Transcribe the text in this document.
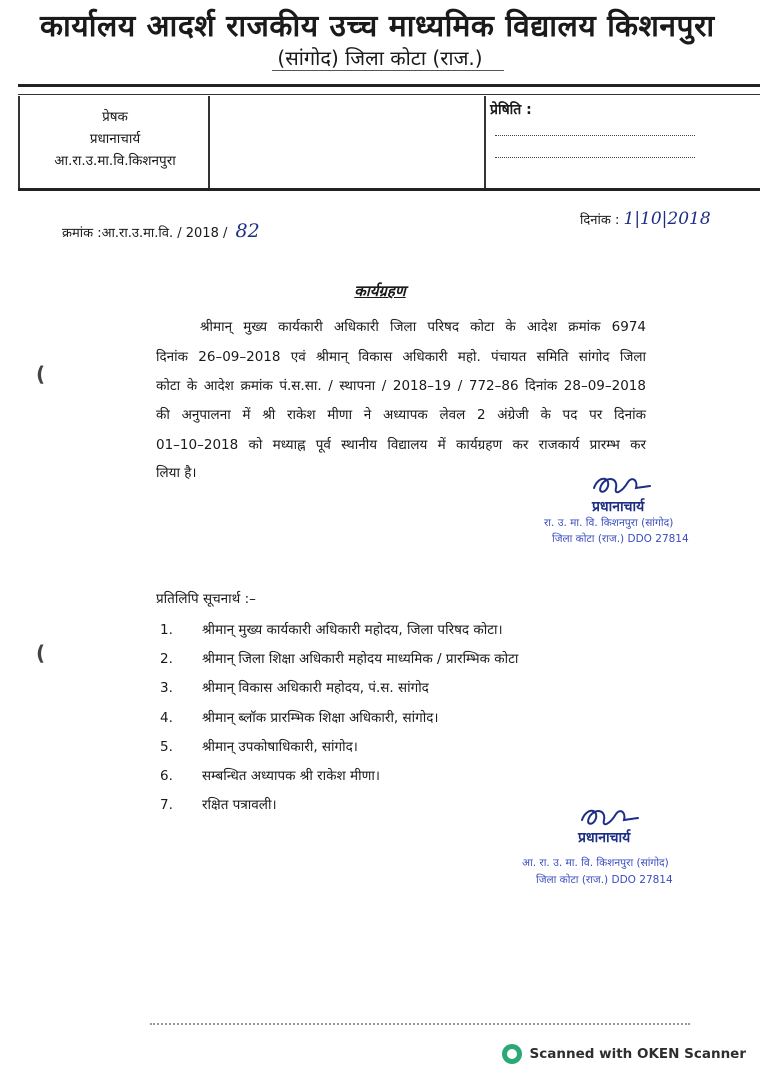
कार्यालय आदर्श राजकीय उच्च माध्यमिक विद्यालय किशनपुरा
(सांगोद) जिला कोटा (राज.)
प्रेषक
प्रधानाचार्य
आ.रा.उ.मा.वि.किशनपुरा
प्रेषिति :
क्रमांक :आ.रा.उ.मा.वि. / 2018 / 82	दिनांक : 1|10|2018
कार्यग्रहण
श्रीमान् मुख्य कार्यकारी अधिकारी जिला परिषद कोटा के आदेश क्रमांक 6974
दिनांक 26–09–2018 एवं श्रीमान् विकास अधिकारी महो. पंचायत समिति सांगोद जिला
कोटा के आदेश क्रमांक पं.स.सा. / स्थापना / 2018–19 / 772–86 दिनांक 28–09–2018
की अनुपालना में श्री राकेश मीणा ने अध्यापक लेवल 2 अंग्रेजी के पद पर दिनांक
01–10–2018 को मध्याह्न पूर्व स्थानीय विद्यालय में कार्यग्रहण कर राजकार्य प्रारम्भ कर
लिया है।
(
(
प्रधानाचार्य
रा. उ. मा. वि. किशनपुरा (सांगोद)
जिला कोटा (राज.) DDO 27814
प्रतिलिपि सूचनार्थ :–
1. श्रीमान् मुख्य कार्यकारी अधिकारी महोदय, जिला परिषद कोटा।
2. श्रीमान् जिला शिक्षा अधिकारी महोदय माध्यमिक / प्रारम्भिक कोटा
3. श्रीमान् विकास अधिकारी महोदय, पं.स. सांगोद
4. श्रीमान् ब्लॉक प्रारम्भिक शिक्षा अधिकारी, सांगोद।
5. श्रीमान् उपकोषाधिकारी, सांगोद।
6. सम्बन्धित अध्यापक श्री राकेश मीणा।
7. रक्षित पत्रावली।
प्रधानाचार्य
आ. रा. उ. मा. वि. किशनपुरा (सांगोद)
जिला कोटा (राज.) DDO 27814
Scanned with OKEN Scanner
